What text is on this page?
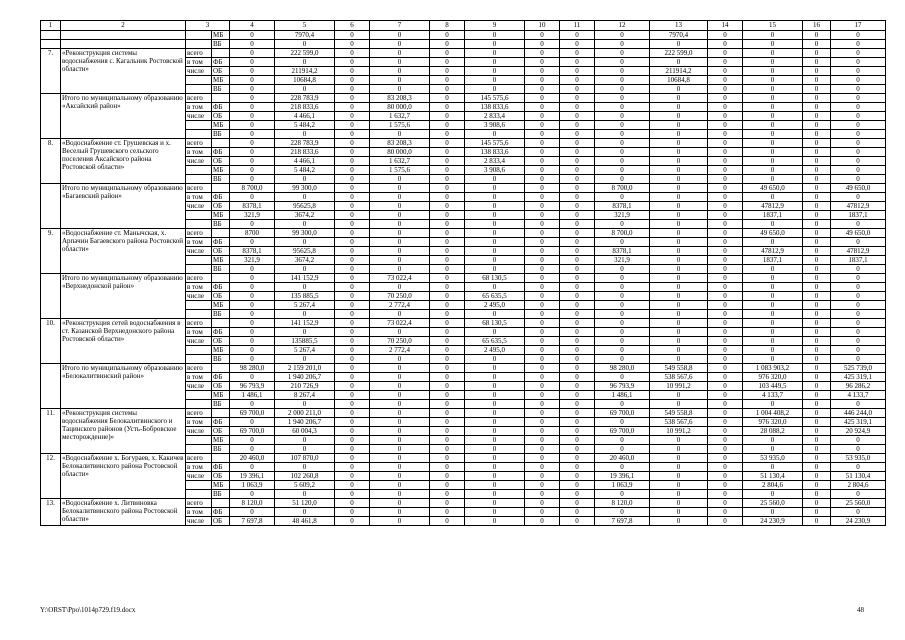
1	2	3		4	5	6	7	8	9	10	11	12	13	14	15	16	17
			МБ	0	7970,4	0	0	0	0	0	0	0	7970,4	0	0	0	0
			ВБ	0	0	0	0	0	0	0	0	0	0	0	0	0	0
7.	«Реконструкция системы водоснабжения с. Кагальник Ростовской области»	всего		0	222 599,0	0	0	0	0	0	0	0	222 599,0	0	0	0	0
		в том	ФБ	0	0	0	0	0	0	0	0	0	0	0	0	0	0
		числе	ОБ	0	211914,2	0	0	0	0	0	0	0	211914,2	0	0	0	0
			МБ	0	10684,8	0	0	0	0	0	0	0	10684,8	0	0	0	0
			ВБ	0	0	0	0	0	0	0	0	0	0	0	0	0	0
	Итого по муниципальному образованию «Аксайский район»	всего		0	228 783,9	0	83 208,3	0	145 575,6	0	0	0	0	0	0	0	0
		в том	ФБ	0	218 833,6	0	80 000,0	0	138 833,6	0	0	0	0	0	0	0	0
		числе	ОБ	0	4 466,1	0	1 632,7	0	2 833,4	0	0	0	0	0	0	0	0
			МБ	0	5 484,2	0	1 575,6	0	3 908,6	0	0	0	0	0	0	0	0
			ВБ	0	0	0	0	0	0	0	0	0	0	0	0	0	0
8.	«Водоснабжение ст. Грушевская и х. Веселый Грушевского сельского поселения Аксайского района Ростовской области»	всего		0	228 783,9	0	83 208,3	0	145 575,6	0	0	0	0	0	0	0	0
		в том	ФБ	0	218 833,6	0	80 000,0	0	138 833,6	0	0	0	0	0	0	0	0
		числе	ОБ	0	4 466,1	0	1 632,7	0	2 833,4	0	0	0	0	0	0	0	0
			МБ	0	5 484,2	0	1 575,6	0	3 908,6	0	0	0	0	0	0	0	0
			ВБ	0	0	0	0	0	0	0	0	0	0	0	0	0	0
	Итого по муниципальному образованию «Багаевский район»	всего		8 700,0	99 300,0	0	0	0	0	0	0	8 700,0	0	0	49 650,0	0	49 650,0
		в том	ФБ	0	0	0	0	0	0	0	0	0	0	0	0	0	0
		числе	ОБ	8378,1	95625,8	0	0	0	0	0	0	8378,1	0	0	47812,9	0	47812,9
			МБ	321,9	3674,2	0	0	0	0	0	0	321,9	0	0	1837,1	0	1837,1
			ВБ	0	0	0	0	0	0	0	0	0	0	0	0	0	0
9.	«Водоснабжение ст. Манычская, х. Арпачин Багаевского района Ростовской области»	всего		8700	99 300,0	0	0	0	0	0	0	8 700,0	0	0	49 650,0	0	49 650,0
		в том	ФБ	0	0	0	0	0	0	0	0	0	0	0	0	0	0
		числе	ОБ	8378,1	95625,8	0	0	0	0	0	0	8378,1	0	0	47812,9	0	47812,9
			МБ	321,9	3674,2	0	0	0	0	0	0	321,9	0	0	1837,1	0	1837,1
			ВБ	0	0	0	0	0	0	0	0	0	0	0	0	0	0
	Итого по муниципальному образованию «Верхнедонской район»	всего		0	141 152,9	0	73 022,4	0	68 130,5	0	0	0	0	0	0	0	0
		в том	ФБ	0	0	0	0	0	0	0	0	0	0	0	0	0	0
		числе	ОБ	0	135 885,5	0	70 250,0	0	65 635,5	0	0	0	0	0	0	0	0
			МБ	0	5 267,4	0	2 772,4	0	2 495,0	0	0	0	0	0	0	0	0
			ВБ	0	0	0	0	0	0	0	0	0	0	0	0	0	0
10.	«Реконструкция сетей водоснабжения в ст. Казанской Верхнедонского района Ростовской области»	всего		0	141 152,9	0	73 022,4	0	68 130,5	0	0	0	0	0	0	0	0
		в том	ФБ	0	0	0	0	0	0	0	0	0	0	0	0	0	0
		числе	ОБ	0	135885,5	0	70 250,0	0	65 635,5	0	0	0	0	0	0	0	0
			МБ	0	5 267,4	0	2 772,4	0	2 495,0	0	0	0	0	0	0	0	0
			ВБ	0	0	0	0	0	0	0	0	0	0	0	0	0	0
	Итого по муниципальному образованию «Белокалитвинский район»	всего		98 280,0	2 159 201,0	0	0	0	0	0	0	98 280,0	549 558,8	0	1 083 903,2	0	525 739,0
		в том	ФБ	0	1 940 206,7	0	0	0	0	0	0	0	538 567,6	0	976 320,0	0	425 319,1
		числе	ОБ	96 793,9	210 726,9	0	0	0	0	0	0	96 793,9	10 991,2	0	103 449,5	0	96 286,2
			МБ	1 486,1	8 267,4	0	0	0	0	0	0	1 486,1	0	0	4 133,7	0	4 133,7
			ВБ	0	0	0	0	0	0	0	0	0	0	0	0	0	0
11.	«Реконструкция системы водоснабжения Белокалитвинского и Тацинского районов (Усть-Бобровское месторождение)»	всего		69 700,0	2 000 211,0	0	0	0	0	0	0	69 700,0	549 558,8	0	1 004 408,2	0	446 244,0
		в том	ФБ	0	1 940 206,7	0	0	0	0	0	0	0	538 567,6	0	976 320,0	0	425 319,1
		числе	ОБ	69 700,0	60 004,3	0	0	0	0	0	0	69 700,0	10 991,2	0	28 088,2	0	20 924,9
			МБ	0	0	0	0	0	0	0	0	0	0	0	0	0	0
			ВБ	0	0	0	0	0	0	0	0	0	0	0	0	0	0
12.	«Водоснабжение х. Богураев, х. Какичев Белокалитвинского района Ростовской области»	всего		20 460,0	107 870,0	0	0	0	0	0	0	20 460,0	0	0	53 935,0	0	53 935,0
		в том	ФБ	0	0	0	0	0	0	0	0	0	0	0	0	0	0
		числе	ОБ	19 396,1	102 260,8	0	0	0	0	0	0	19 396,1	0	0	51 130,4	0	51 130,4
			МБ	1 063,9	5 609,2	0	0	0	0	0	0	1 063,9	0	0	2 804,6	0	2 804,6
			ВБ	0	0	0	0	0	0	0	0	0	0	0	0	0	0
13.	«Водоснабжение х. Литвиновка Белокалитвинского района Ростовской области»	всего		8 120,0	51 120,0	0	0	0	0	0	0	8 120,0	0	0	25 560,0	0	25 560,0
		в том	ФБ	0	0	0	0	0	0	0	0	0	0	0	0	0	0
		числе	ОБ	7 697,8	48 461,8	0	0	0	0	0	0	7 697,8	0	0	24 230,9	0	24 230,9
Y:\ORST\Ppo\1014p729.f19.docx	48
